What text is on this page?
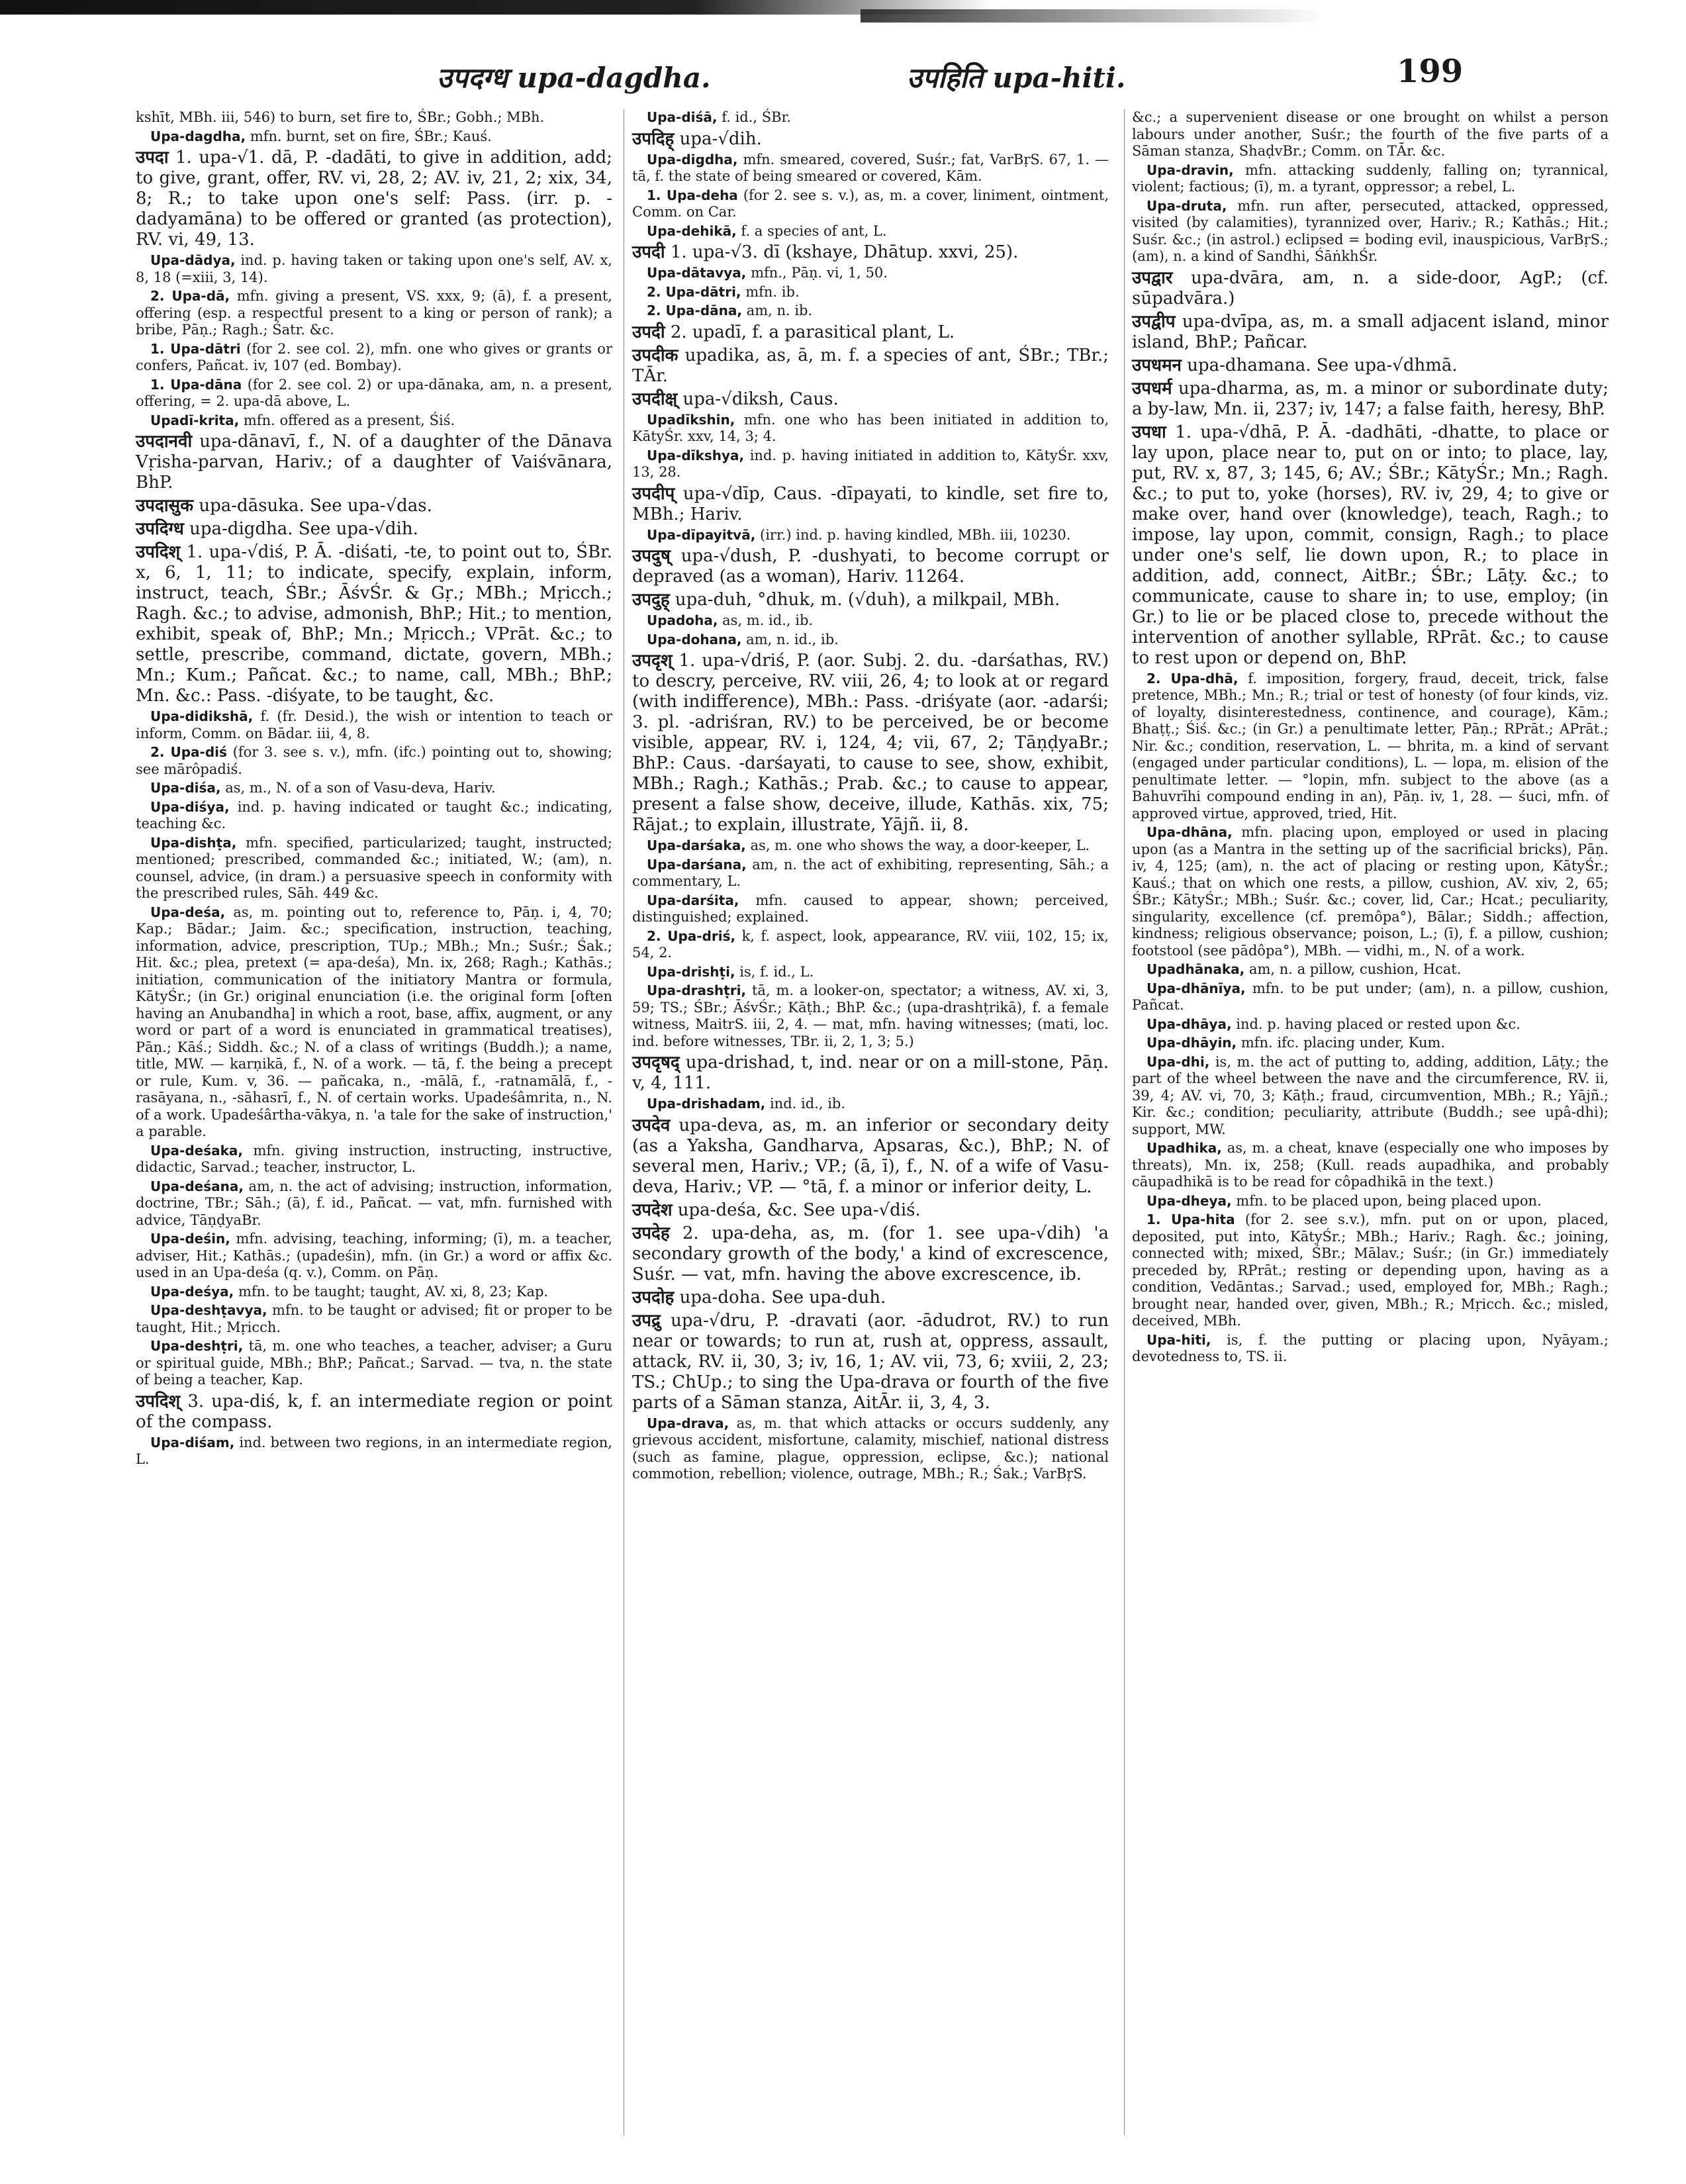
उपदग्ध upa-dagdha.	उपहिति upa-hiti.	199

kshīt, MBh. iii, 546) to burn, set fire to, ŚBr.; Gobh.; MBh.

Upa-dagdha, mfn. burnt, set on fire, ŚBr.; Kauś.

उपदा 1. upa-√1. dā, P. -dadāti, to give in addition, add; to give, grant, offer, RV. vi, 28, 2; AV. iv, 21, 2; xix, 34, 8; R.; to take upon one's self: Pass. (irr. p. -dadyamāna) to be offered or granted (as protection), RV. vi, 49, 13.

Upa-dādya, ind. p. having taken or taking upon one's self, AV. x, 8, 18 (=xiii, 3, 14).

2. Upa-dā, mfn. giving a present, VS. xxx, 9; (ā), f. a present, offering (esp. a respectful present to a king or person of rank); a bribe, Pāṇ.; Ragh.; Śatr. &c.

1. Upa-dātri (for 2. see col. 2), mfn. one who gives or grants or confers, Pañcat. iv, 107 (ed. Bombay).

1. Upa-dāna (for 2. see col. 2) or upa-dānaka, am, n. a present, offering, = 2. upa-dā above, L.

Upadī-krita, mfn. offered as a present, Śiś.

उपदानवी upa-dānavī, f., N. of a daughter of the Dānava Vṛisha-parvan, Hariv.; of a daughter of Vaiśvānara, BhP.

उपदासुक upa-dāsuka. See upa-√das.

उपदिग्ध upa-digdha. See upa-√dih.

उपदिश् 1. upa-√diś, P. Ā. -diśati, -te, to point out to, ŚBr. x, 6, 1, 11; to indicate, specify, explain, inform, instruct, teach, ŚBr.; ĀśvŚr. & Gṛ.; MBh.; Mṛicch.; Ragh. &c.; to advise, admonish, BhP.; Hit.; to mention, exhibit, speak of, BhP.; Mn.; Mṛicch.; VPrāt. &c.; to settle, prescribe, command, dictate, govern, MBh.; Mn.; Kum.; Pañcat. &c.; to name, call, MBh.; BhP.; Mn. &c.: Pass. -diśyate, to be taught, &c.

Upa-didikshā, f. (fr. Desid.), the wish or intention to teach or inform, Comm. on Bādar. iii, 4, 8.

2. Upa-diś (for 3. see s. v.), mfn. (ifc.) pointing out to, showing; see mārôpadiś.

Upa-diśa, as, m., N. of a son of Vasu-deva, Hariv.

Upa-diśya, ind. p. having indicated or taught &c.; indicating, teaching &c.

Upa-dishṭa, mfn. specified, particularized; taught, instructed; mentioned; prescribed, commanded &c.; initiated, W.; (am), n. counsel, advice, (in dram.) a persuasive speech in conformity with the prescribed rules, Sāh. 449 &c.

Upa-deśa, as, m. pointing out to, reference to, Pāṇ. i, 4, 70; Kap.; Bādar.; Jaim. &c.; specification, instruction, teaching, information, advice, prescription, TUp.; MBh.; Mn.; Suśr.; Śak.; Hit. &c.; plea, pretext (= apa-deśa), Mn. ix, 268; Ragh.; Kathās.; initiation, communication of the initiatory Mantra or formula, KātyŚr.; (in Gr.) original enunciation (i.e. the original form [often having an Anubandha] in which a root, base, affix, augment, or any word or part of a word is enunciated in grammatical treatises), Pāṇ.; Kāś.; Siddh. &c.; N. of a class of writings (Buddh.); a name, title, MW. — karṇikā, f., N. of a work. — tā, f. the being a precept or rule, Kum. v, 36. — pañcaka, n., -mālā, f., -ratnamālā, f., -rasāyana, n., -sāhasrī, f., N. of certain works. Upadeśâmrita, n., N. of a work. Upadeśârtha-vākya, n. 'a tale for the sake of instruction,' a parable.

Upa-deśaka, mfn. giving instruction, instructing, instructive, didactic, Sarvad.; teacher, instructor, L.

Upa-deśana, am, n. the act of advising; instruction, information, doctrine, TBr.; Sāh.; (ā), f. id., Pañcat. — vat, mfn. furnished with advice, TāṇḍyaBr.

Upa-deśin, mfn. advising, teaching, informing; (ī), m. a teacher, adviser, Hit.; Kathās.; (upadeśin), mfn. (in Gr.) a word or affix &c. used in an Upa-deśa (q. v.), Comm. on Pāṇ.

Upa-deśya, mfn. to be taught; taught, AV. xi, 8, 23; Kap.

Upa-deshṭavya, mfn. to be taught or advised; fit or proper to be taught, Hit.; Mṛicch.

Upa-deshṭri, tā, m. one who teaches, a teacher, adviser; a Guru or spiritual guide, MBh.; BhP.; Pañcat.; Sarvad. — tva, n. the state of being a teacher, Kap.

उपदिश् 3. upa-diś, k, f. an intermediate region or point of the compass.

Upa-diśam, ind. between two regions, in an intermediate region, L.

Upa-diśā, f. id., ŚBr.

उपदिह् upa-√dih.

Upa-digdha, mfn. smeared, covered, Suśr.; fat, VarBṛS. 67, 1. — tā, f. the state of being smeared or covered, Kām.

1. Upa-deha (for 2. see s. v.), as, m. a cover, liniment, ointment, Comm. on Car.

Upa-dehikā, f. a species of ant, L.

उपदी 1. upa-√3. dī (kshaye, Dhātup. xxvi, 25).

Upa-dātavya, mfn., Pāṇ. vi, 1, 50.

2. Upa-dātri, mfn. ib.

2. Upa-dāna, am, n. ib.

उपदी 2. upadī, f. a parasitical plant, L.

उपदीक upadika, as, ā, m. f. a species of ant, ŚBr.; TBr.; TĀr.

उपदीक्ष् upa-√diksh, Caus.

Upadīkshin, mfn. one who has been initiated in addition to, KātyŚr. xxv, 14, 3; 4.

Upa-dīkshya, ind. p. having initiated in addition to, KātyŚr. xxv, 13, 28.

उपदीप् upa-√dīp, Caus. -dīpayati, to kindle, set fire to, MBh.; Hariv.

Upa-dīpayitvā, (irr.) ind. p. having kindled, MBh. iii, 10230.

उपदुष् upa-√dush, P. -dushyati, to become corrupt or depraved (as a woman), Hariv. 11264.

उपदुह् upa-duh, °dhuk, m. (√duh), a milkpail, MBh.

Upadoha, as, m. id., ib.

Upa-dohana, am, n. id., ib.

उपदृश् 1. upa-√driś, P. (aor. Subj. 2. du. -darśathas, RV.) to descry, perceive, RV. viii, 26, 4; to look at or regard (with indifference), MBh.: Pass. -driśyate (aor. -adarśi; 3. pl. -adriśran, RV.) to be perceived, be or become visible, appear, RV. i, 124, 4; vii, 67, 2; TāṇḍyaBr.; BhP.: Caus. -darśayati, to cause to see, show, exhibit, MBh.; Ragh.; Kathās.; Prab. &c.; to cause to appear, present a false show, deceive, illude, Kathās. xix, 75; Rājat.; to explain, illustrate, Yājñ. ii, 8.

Upa-darśaka, as, m. one who shows the way, a door-keeper, L.

Upa-darśana, am, n. the act of exhibiting, representing, Sāh.; a commentary, L.

Upa-darśita, mfn. caused to appear, shown; perceived, distinguished; explained.

2. Upa-driś, k, f. aspect, look, appearance, RV. viii, 102, 15; ix, 54, 2.

Upa-drishṭi, is, f. id., L.

Upa-drashṭri, tā, m. a looker-on, spectator; a witness, AV. xi, 3, 59; TS.; ŚBr.; ĀśvŚr.; Kāṭh.; BhP. &c.; (upa-drashṭrikā), f. a female witness, MaitrS. iii, 2, 4. — mat, mfn. having witnesses; (mati, loc. ind. before witnesses, TBr. ii, 2, 1, 3; 5.)

उपदृषद् upa-drishad, t, ind. near or on a mill-stone, Pāṇ. v, 4, 111.

Upa-drishadam, ind. id., ib.

उपदेव upa-deva, as, m. an inferior or secondary deity (as a Yaksha, Gandharva, Apsaras, &c.), BhP.; N. of several men, Hariv.; VP.; (ā, ī), f., N. of a wife of Vasu-deva, Hariv.; VP. — °tā, f. a minor or inferior deity, L.

उपदेश upa-deśa, &c. See upa-√diś.

उपदेह 2. upa-deha, as, m. (for 1. see upa-√dih) 'a secondary growth of the body,' a kind of excrescence, Suśr. — vat, mfn. having the above excrescence, ib.

उपदोह upa-doha. See upa-duh.

उपद्रु upa-√dru, P. -dravati (aor. -ādudrot, RV.) to run near or towards; to run at, rush at, oppress, assault, attack, RV. ii, 30, 3; iv, 16, 1; AV. vii, 73, 6; xviii, 2, 23; TS.; ChUp.; to sing the Upa-drava or fourth of the five parts of a Sāman stanza, AitĀr. ii, 3, 4, 3.

Upa-drava, as, m. that which attacks or occurs suddenly, any grievous accident, misfortune, calamity, mischief, national distress (such as famine, plague, oppression, eclipse, &c.); national commotion, rebellion; violence, outrage, MBh.; R.; Śak.; VarBṛS.

&c.; a supervenient disease or one brought on whilst a person labours under another, Suśr.; the fourth of the five parts of a Sāman stanza, ShaḍvBr.; Comm. on TĀr. &c.

Upa-dravin, mfn. attacking suddenly, falling on; tyrannical, violent; factious; (ī), m. a tyrant, oppressor; a rebel, L.

Upa-druta, mfn. run after, persecuted, attacked, oppressed, visited (by calamities), tyrannized over, Hariv.; R.; Kathās.; Hit.; Suśr. &c.; (in astrol.) eclipsed = boding evil, inauspicious, VarBṛS.; (am), n. a kind of Sandhi, ŚāṅkhŚr.

उपद्वार upa-dvāra, am, n. a side-door, AgP.; (cf. sūpadvāra.)

उपद्वीप upa-dvīpa, as, m. a small adjacent island, minor island, BhP.; Pañcar.

उपधमन upa-dhamana. See upa-√dhmā.

उपधर्म upa-dharma, as, m. a minor or subordinate duty; a by-law, Mn. ii, 237; iv, 147; a false faith, heresy, BhP.

उपधा 1. upa-√dhā, P. Ā. -dadhāti, -dhatte, to place or lay upon, place near to, put on or into; to place, lay, put, RV. x, 87, 3; 145, 6; AV.; ŚBr.; KātyŚr.; Mn.; Ragh. &c.; to put to, yoke (horses), RV. iv, 29, 4; to give or make over, hand over (knowledge), teach, Ragh.; to impose, lay upon, commit, consign, Ragh.; to place under one's self, lie down upon, R.; to place in addition, add, connect, AitBr.; ŚBr.; Lāṭy. &c.; to communicate, cause to share in; to use, employ; (in Gr.) to lie or be placed close to, precede without the intervention of another syllable, RPrāt. &c.; to cause to rest upon or depend on, BhP.

2. Upa-dhā, f. imposition, forgery, fraud, deceit, trick, false pretence, MBh.; Mn.; R.; trial or test of honesty (of four kinds, viz. of loyalty, disinterestedness, continence, and courage), Kām.; Bhaṭṭ.; Śiś. &c.; (in Gr.) a penultimate letter, Pāṇ.; RPrāt.; APrāt.; Nir. &c.; condition, reservation, L. — bhrita, m. a kind of servant (engaged under particular conditions), L. — lopa, m. elision of the penultimate letter. — °lopin, mfn. subject to the above (as a Bahuvrīhi compound ending in an), Pāṇ. iv, 1, 28. — śuci, mfn. of approved virtue, approved, tried, Hit.

Upa-dhāna, mfn. placing upon, employed or used in placing upon (as a Mantra in the setting up of the sacrificial bricks), Pāṇ. iv, 4, 125; (am), n. the act of placing or resting upon, KātyŚr.; Kauś.; that on which one rests, a pillow, cushion, AV. xiv, 2, 65; ŚBr.; KātyŚr.; MBh.; Suśr. &c.; cover, lid, Car.; Hcat.; peculiarity, singularity, excellence (cf. premôpa°), Bālar.; Siddh.; affection, kindness; religious observance; poison, L.; (ī), f. a pillow, cushion; footstool (see pādôpa°), MBh. — vidhi, m., N. of a work.

Upadhānaka, am, n. a pillow, cushion, Hcat.

Upa-dhānīya, mfn. to be put under; (am), n. a pillow, cushion, Pañcat.

Upa-dhāya, ind. p. having placed or rested upon &c.

Upa-dhāyin, mfn. ifc. placing under, Kum.

Upa-dhi, is, m. the act of putting to, adding, addition, Lāṭy.; the part of the wheel between the nave and the circumference, RV. ii, 39, 4; AV. vi, 70, 3; Kāṭh.; fraud, circumvention, MBh.; R.; Yājñ.; Kir. &c.; condition; peculiarity, attribute (Buddh.; see upâ-dhi); support, MW.

Upadhika, as, m. a cheat, knave (especially one who imposes by threats), Mn. ix, 258; (Kull. reads aupadhika, and probably cāupadhikā is to be read for côpadhikā in the text.)

Upa-dheya, mfn. to be placed upon, being placed upon.

1. Upa-hita (for 2. see s.v.), mfn. put on or upon, placed, deposited, put into, KātyŚr.; MBh.; Hariv.; Ragh. &c.; joining, connected with; mixed, ŚBr.; Mālav.; Suśr.; (in Gr.) immediately preceded by, RPrāt.; resting or depending upon, having as a condition, Vedāntas.; Sarvad.; used, employed for, MBh.; Ragh.; brought near, handed over, given, MBh.; R.; Mṛicch. &c.; misled, deceived, MBh.

Upa-hiti, is, f. the putting or placing upon, Nyāyam.; devotedness to, TS. ii.
